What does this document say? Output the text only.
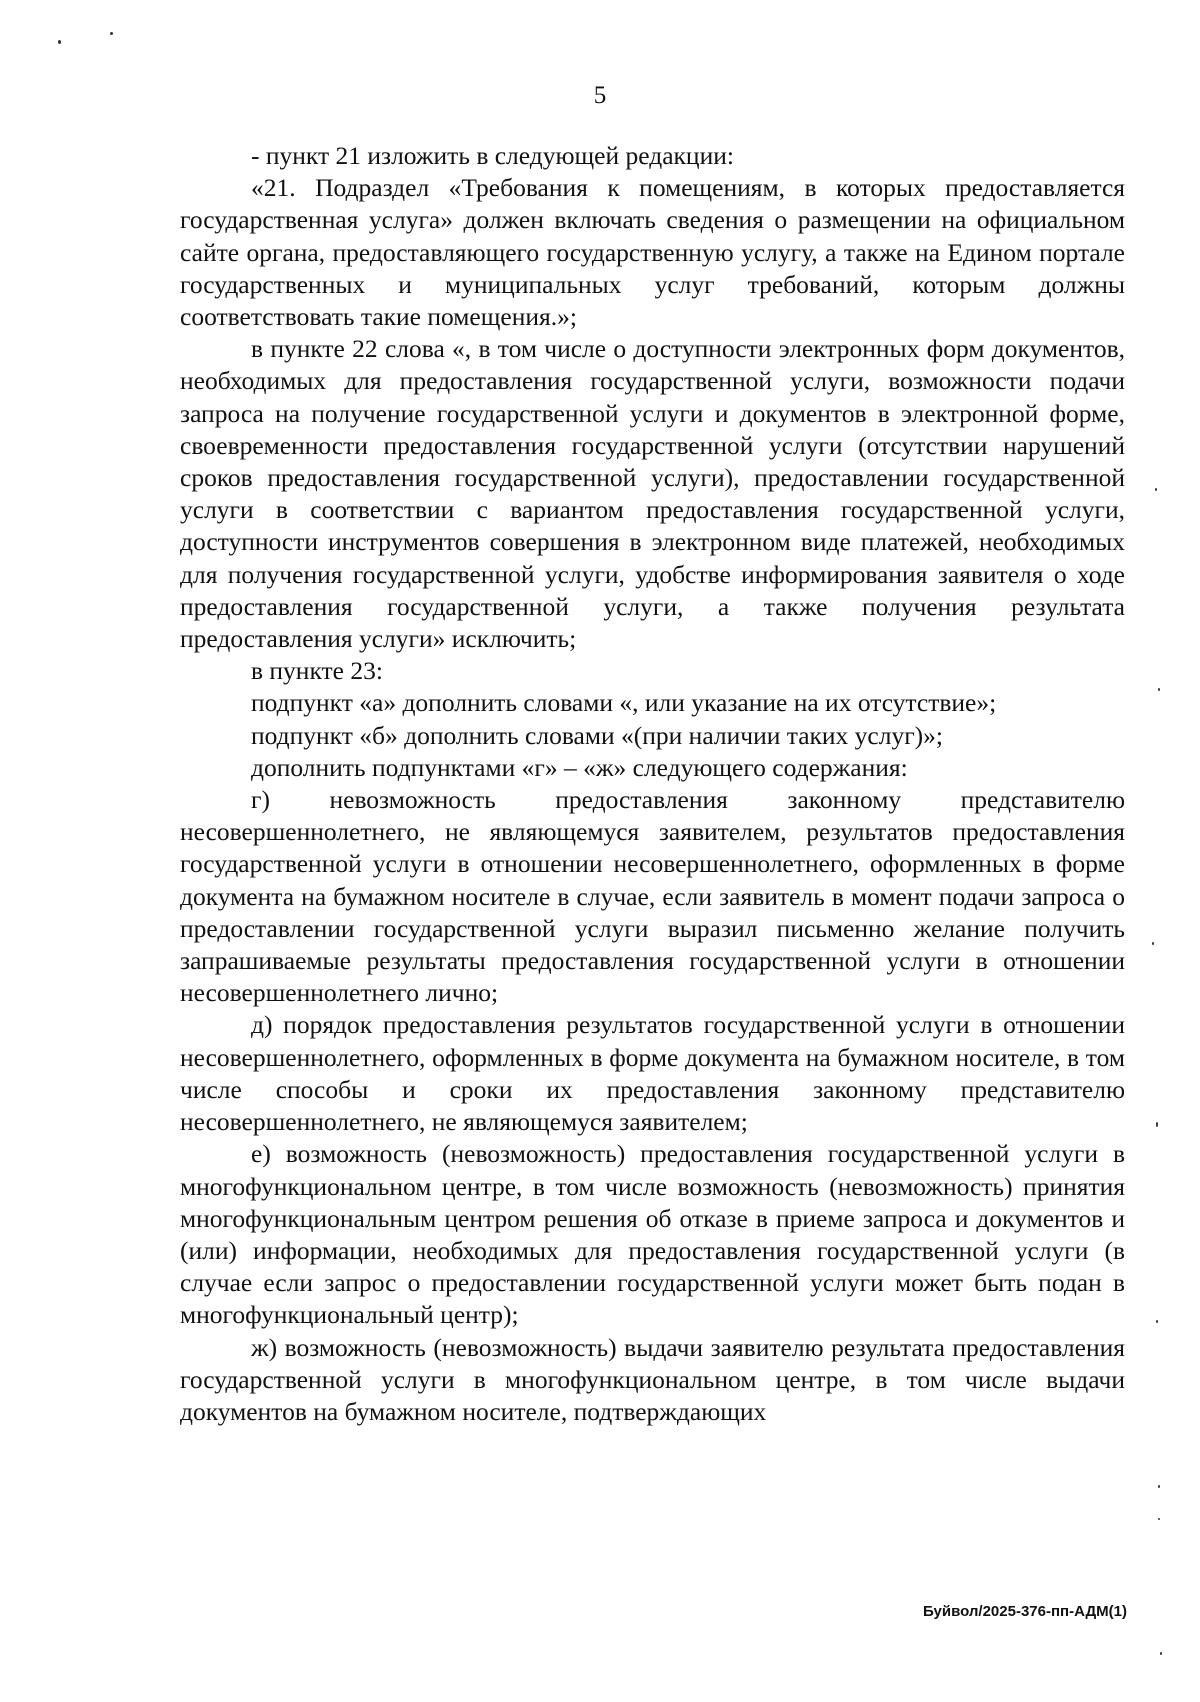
5

- пункт 21 изложить в следующей редакции:

«21. Подраздел «Требования к помещениям, в которых предоставляется государственная услуга» должен включать сведения о размещении на официальном сайте органа, предоставляющего государственную услугу, а также на Едином портале государственных и муниципальных услуг требований, которым должны соответствовать такие помещения.»;

в пункте 22 слова «, в том числе о доступности электронных форм документов, необходимых для предоставления государственной услуги, возможности подачи запроса на получение государственной услуги и документов в электронной форме, своевременности предоставления государственной услуги (отсутствии нарушений сроков предоставления государственной услуги), предоставлении государственной услуги в соответствии с вариантом предоставления государственной услуги, доступности инструментов совершения в электронном виде платежей, необходимых для получения государственной услуги, удобстве информирования заявителя о ходе предоставления государственной услуги, а также получения результата предоставления услуги» исключить;

в пункте 23:

подпункт «а» дополнить словами «, или указание на их отсутствие»;

подпункт «б» дополнить словами «(при наличии таких услуг)»;

дополнить подпунктами «г» – «ж» следующего содержания:

г) невозможность предоставления законному представителю несовершеннолетнего, не являющемуся заявителем, результатов предоставления государственной услуги в отношении несовершеннолетнего, оформленных в форме документа на бумажном носителе в случае, если заявитель в момент подачи запроса о предоставлении государственной услуги выразил письменно желание получить запрашиваемые результаты предоставления государственной услуги в отношении несовершеннолетнего лично;

д) порядок предоставления результатов государственной услуги в отношении несовершеннолетнего, оформленных в форме документа на бумажном носителе, в том числе способы и сроки их предоставления законному представителю несовершеннолетнего, не являющемуся заявителем;

е) возможность (невозможность) предоставления государственной услуги в многофункциональном центре, в том числе возможность (невозможность) принятия многофункциональным центром решения об отказе в приеме запроса и документов и (или) информации, необходимых для предоставления государственной услуги (в случае если запрос о предоставлении государственной услуги может быть подан в многофункциональный центр);

ж) возможность (невозможность) выдачи заявителю результата предоставления государственной услуги в многофункциональном центре, в том числе выдачи документов на бумажном носителе, подтверждающих

Буйвол/2025-376-пп-АДМ(1)
